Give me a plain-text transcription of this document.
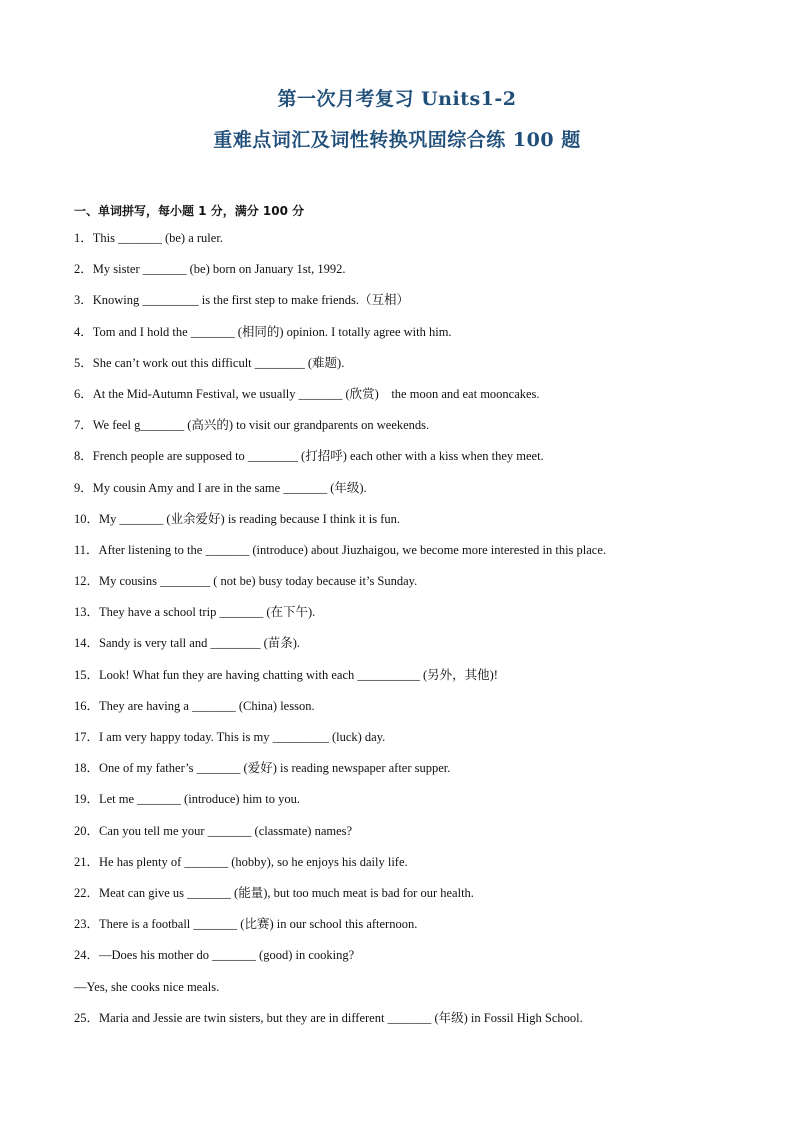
第一次月考复习 Units1-2
重难点词汇及词性转换巩固综合练 100 题
一、单词拼写，每小题 1 分，满分 100 分
1．This _______ (be) a ruler.
2．My sister _______ (be) born on January 1st, 1992.
3．Knowing _________ is the first step to make friends.（互相）
4．Tom and I hold the _______ (相同的) opinion. I totally agree with him.
5．She can’t work out this difficult ________ (难题).
6．At the Mid-Autumn Festival, we usually _______ (欣赏)　the moon and eat mooncakes.
7．We feel g_______ (高兴的) to visit our grandparents on weekends.
8．French people are supposed to ________ (打招呼) each other with a kiss when they meet.
9．My cousin Amy and I are in the same _______ (年级).
10．My _______ (业余爱好) is reading because I think it is fun.
11．After listening to the _______ (introduce) about Jiuzhaigou, we become more interested in this place.
12．My cousins ________ ( not be) busy today because it’s Sunday.
13．They have a school trip _______ (在下午).
14．Sandy is very tall and ________ (苗条).
15．Look! What fun they are having chatting with each __________ (另外，其他)!
16．They are having a _______ (China) lesson.
17．I am very happy today. This is my _________ (luck) day.
18．One of my father’s _______ (爱好) is reading newspaper after supper.
19．Let me _______ (introduce) him to you.
20．Can you tell me your _______ (classmate) names?
21．He has plenty of _______ (hobby), so he enjoys his daily life.
22．Meat can give us _______ (能量), but too much meat is bad for our health.
23．There is a football _______ (比赛) in our school this afternoon.
24．—Does his mother do _______ (good) in cooking?
—Yes, she cooks nice meals.
25．Maria and Jessie are twin sisters, but they are in different _______ (年级) in Fossil High School.
